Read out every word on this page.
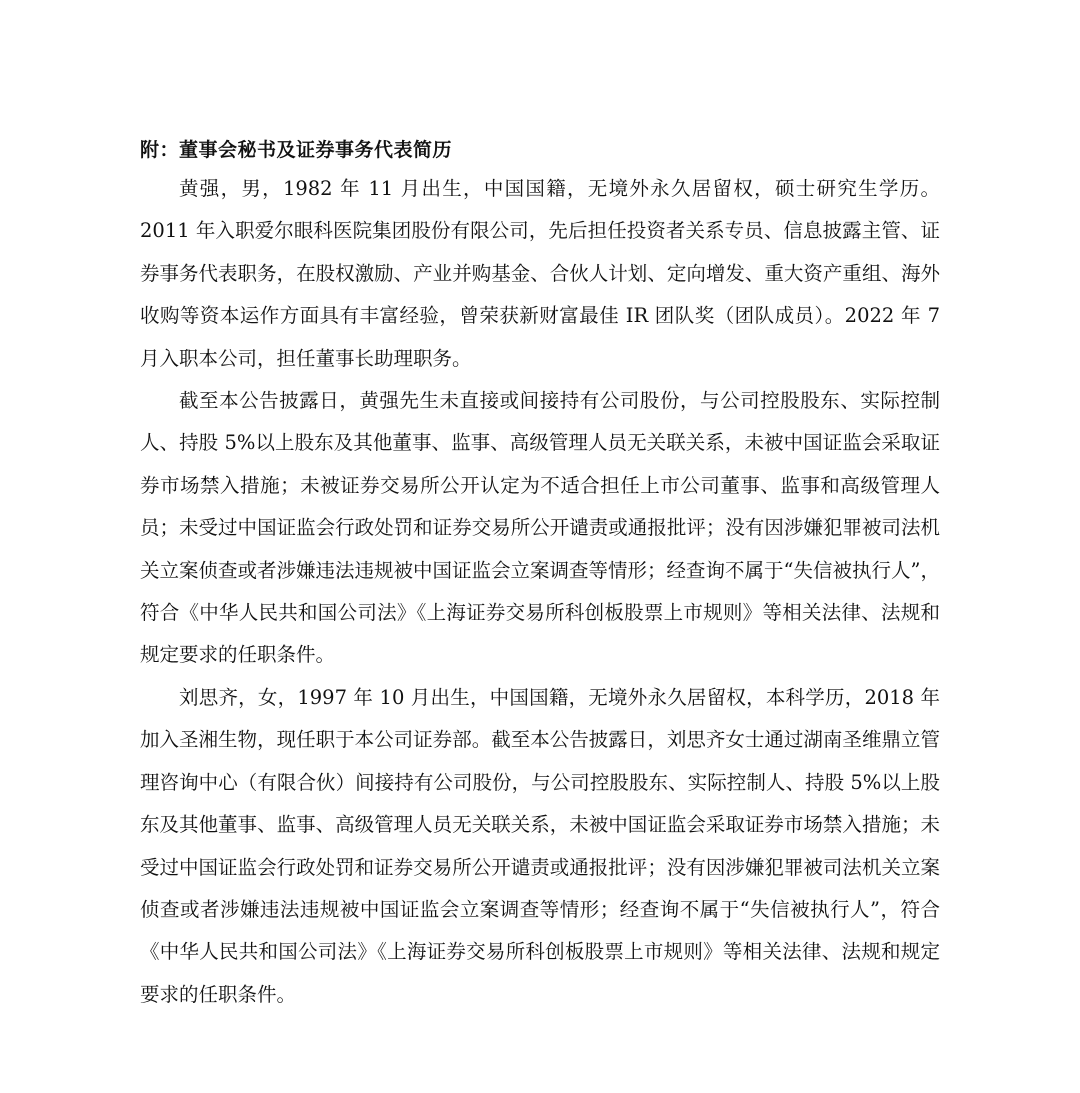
附：董事会秘书及证券事务代表简历

黄强，男，1982 年 11 月出生，中国国籍，无境外永久居留权，硕士研究生学历。2011 年入职爱尔眼科医院集团股份有限公司，先后担任投资者关系专员、信息披露主管、证券事务代表职务，在股权激励、产业并购基金、合伙人计划、定向增发、重大资产重组、海外收购等资本运作方面具有丰富经验，曾荣获新财富最佳 IR 团队奖（团队成员）。2022 年 7 月入职本公司，担任董事长助理职务。

截至本公告披露日，黄强先生未直接或间接持有公司股份，与公司控股股东、实际控制人、持股 5%以上股东及其他董事、监事、高级管理人员无关联关系，未被中国证监会采取证券市场禁入措施；未被证券交易所公开认定为不适合担任上市公司董事、监事和高级管理人员；未受过中国证监会行政处罚和证券交易所公开谴责或通报批评；没有因涉嫌犯罪被司法机关立案侦查或者涉嫌违法违规被中国证监会立案调查等情形；经查询不属于“失信被执行人”，符合《中华人民共和国公司法》《上海证券交易所科创板股票上市规则》等相关法律、法规和规定要求的任职条件。

刘思齐，女，1997 年 10 月出生，中国国籍，无境外永久居留权，本科学历，2018 年加入圣湘生物，现任职于本公司证券部。截至本公告披露日，刘思齐女士通过湖南圣维鼎立管理咨询中心（有限合伙）间接持有公司股份，与公司控股股东、实际控制人、持股 5%以上股东及其他董事、监事、高级管理人员无关联关系，未被中国证监会采取证券市场禁入措施；未受过中国证监会行政处罚和证券交易所公开谴责或通报批评；没有因涉嫌犯罪被司法机关立案侦查或者涉嫌违法违规被中国证监会立案调查等情形；经查询不属于“失信被执行人”，符合《中华人民共和国公司法》《上海证券交易所科创板股票上市规则》等相关法律、法规和规定要求的任职条件。
